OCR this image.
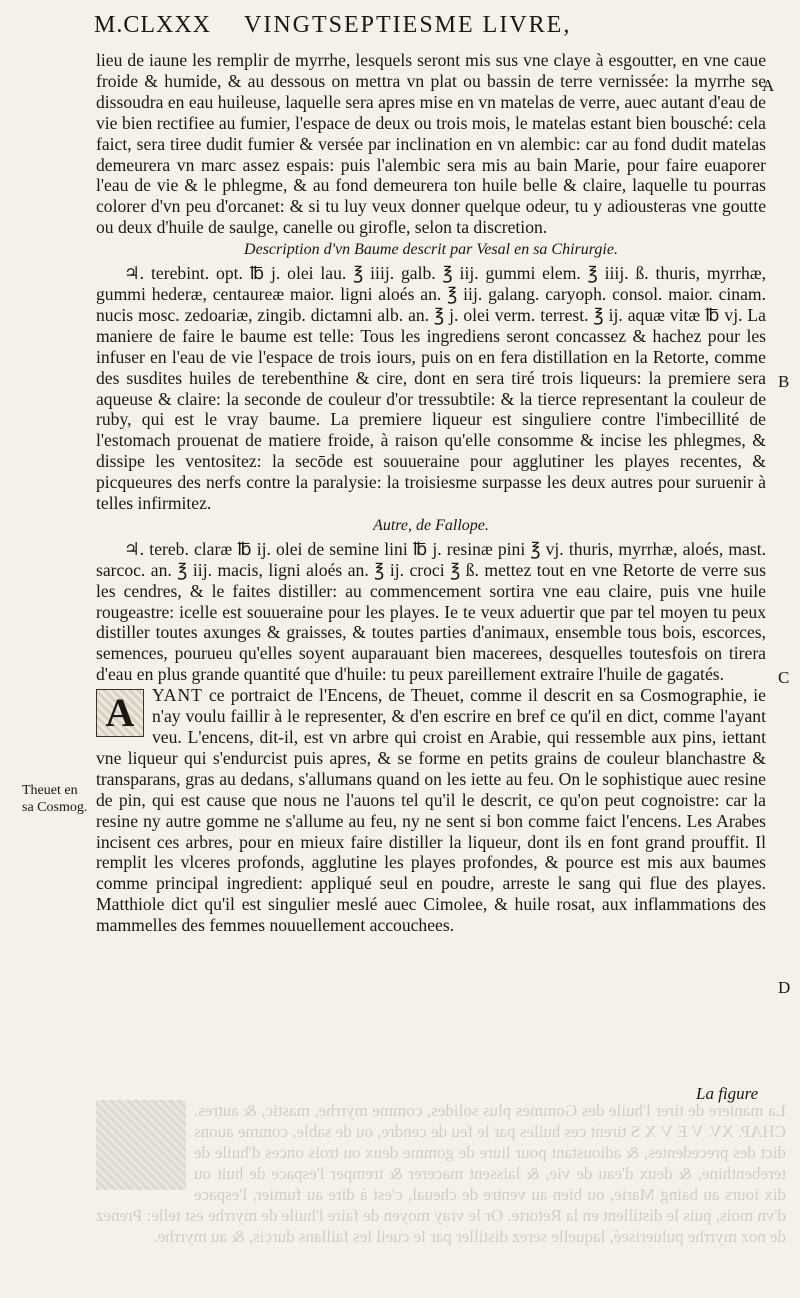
M.CLXXX VINGTSEPTIESME LIVRE,
La maniere de tirer l'huile des Gommes plus solides, comme myrrhe, mastic, & autres. CHAP. XV. V E V X S tirent ces huiles par le feu de cendre, ou de sable, comme auons dict des precedentes, & adioustant pour liure de gomme deux ou trois onces d'huile de terebenthine, & deux d'eau de vie, & laissent macerer & tremper l'espace de huit ou dix iours au baing Marie, ou bien au ventre de cheual, c'est à dire au fumier, l'espace d'vn mois, puis le distillent en la Retorte. Or le vray moyen de faire l'huile de myrrhe est telle: Prenez de noz myrrhe pulueriseé, laquelle serez distiller par le cueil les faillans durcis, & au myrrhe.

lieu de iaune les remplir de myrrhe, lesquels seront mis sus vne claye à esgoutter, en vne caue froide & humide, & au dessous on mettra vn plat ou bassin de terre vernissée: la myrrhe se dissoudra en eau huileuse, laquelle sera apres mise en vn matelas de verre, auec autant d'eau de vie bien rectifiee au fumier, l'espace de deux ou trois mois, le matelas estant bien bousché: cela faict, sera tiree dudit fumier & versée par inclination en vn alembic: car au fond dudit matelas demeurera vn marc assez espais: puis l'alembic sera mis au bain Marie, pour faire euaporer l'eau de vie & le phlegme, & au fond demeurera ton huile belle & claire, laquelle tu pourras colorer d'vn peu d'orcanet: & si tu luy veux donner quelque odeur, tu y adiousteras vne goutte ou deux d'huile de saulge, canelle ou girofle, selon ta discretion.

Description d'vn Baume descrit par Vesal en sa Chirurgie.

♃. terebint. opt. ℔ j. olei lau. ℥ iiij. galb. ℥ iij. gummi elem. ℥ iiij. ß. thuris, myrrhæ, gummi hederæ, centaureæ maior. ligni aloés an. ℥ iij. galang. caryoph. consol. maior. cinam. nucis mosc. zedoariæ, zingib. dictamni alb. an. ℥ j. olei verm. terrest. ℥ ij. aquæ vitæ ℔ vj. La maniere de faire le baume est telle: Tous les ingrediens seront concassez & hachez pour les infuser en l'eau de vie l'espace de trois iours, puis on en fera distillation en la Retorte, comme des susdites huiles de terebenthine & cire, dont en sera tiré trois liqueurs: la premiere sera aqueuse & claire: la seconde de couleur d'or tressubtile: & la tierce representant la couleur de ruby, qui est le vray baume. La premiere liqueur est singuliere contre l'imbecillité de l'estomach prouenat de matiere froide, à raison qu'elle consomme & incise les phlegmes, & dissipe les ventositez: la secōde est souueraine pour agglutiner les playes recentes, & picqueures des nerfs contre la paralysie: la troisiesme surpasse les deux autres pour suruenir à telles infirmitez.

Autre, de Fallope.

♃. tereb. claræ ℔ ij. olei de semine lini ℔ j. resinæ pini ℥ vj. thuris, myrrhæ, aloés, mast. sarcoc. an. ℥ iij. macis, ligni aloés an. ℥ ij. croci ℥ ß. mettez tout en vne Retorte de verre sus les cendres, & le faites distiller: au commencement sortira vne eau claire, puis vne huile rougeastre: icelle est souueraine pour les playes. Ie te veux aduertir que par tel moyen tu peux distiller toutes axunges & graisses, & toutes parties d'animaux, ensemble tous bois, escorces, semences, pourueu qu'elles soyent auparauant bien macerees, desquelles toutesfois on tirera d'eau en plus grande quantité que d'huile: tu peux pareillement extraire l'huile de gagatés.

A YANT ce portraict de l'Encens, de Theuet, comme il descrit en sa Cosmographie, ie n'ay voulu faillir à le representer, & d'en escrire en bref ce qu'il en dict, comme l'ayant veu. L'encens, dit-il, est vn arbre qui croist en Arabie, qui ressemble aux pins, iettant vne liqueur qui s'endurcist puis apres, & se forme en petits grains de couleur blanchastre & transparans, gras au dedans, s'allumans quand on les iette au feu. On le sophistique auec resine de pin, qui est cause que nous ne l'auons tel qu'il le descrit, ce qu'on peut cognoistre: car la resine ny autre gomme ne s'allume au feu, ny ne sent si bon comme faict l'encens. Les Arabes incisent ces arbres, pour en mieux faire distiller la liqueur, dont ils en font grand prouffit. Il remplit les vlceres profonds, agglutine les playes profondes, & pource est mis aux baumes comme principal ingredient: appliqué seul en poudre, arreste le sang qui flue des playes. Matthiole dict qu'il est singulier meslé auec Cimolee, & huile rosat, aux inflammations des mammelles des femmes nouuellement accouchees.

A
B
C
D
Theuet en sa Cosmog.
La figure
